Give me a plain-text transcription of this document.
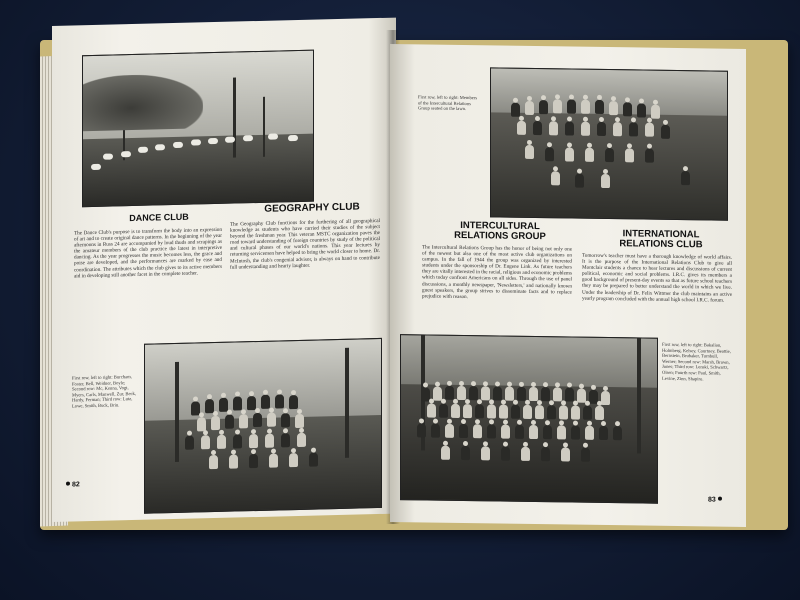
DANCE CLUB
GEOGRAPHY CLUB
The Dance Club's purpose is to transform the body into an expression of art and to create original dance patterns. In the beginning of the year afternoons in Russ 24 are accompanied by loud thuds and scrapings as the amateur members of the club practice the latest in interpretive dancing. As the year progresses the music becomes less, the grace and poise are developed, and the performances are marked by ease and coordination. The attributes which the club gives to its active members aid in developing still another facet in the complete teacher.
The Geography Club functions for the furthering of all geographical knowledge as students who have carried their studies of the subject beyond the freshman year. This veteran MSTC organization paves the road toward understanding of foreign countries by study of the political and cultural phases of our world's nations. This year lectures by returning servicemen have helped to bring the world closer to home. Dr. McIntosh, the club's congenial advisor, is always on hand to contribute full understanding and hearty laughter.
First row, left to right: Burcham, Foster, Bell, Weidner, Boyle; Second row: Mc, Kenna, Vogt, Myers, Carls, Manwell, Zur, Beck, Hardy, Ferman; Third row: Lutz, Lowe, Smith, Buck, Brin.
82
First row, left to right: Members of the Intercultural Relations Group seated on the lawn.
INTERCULTURAL
RELATIONS GROUP	INTERNATIONAL
RELATIONS CLUB
The Intercultural Relations Group has the honor of being not only one of the newest but also one of the most active club organizations on campus. In the fall of 1944 the group was organized by interested students under the sponsorship of Dr. Eugene Link. As future teachers they are vitally interested in the racial, religious and economic problems which today confront Americans on all sides. Through the use of panel discussions, a monthly newspaper, 'Newsletters,' and nationally known guest speakers, the group strives to disseminate facts and to replace prejudice with reason.
Tomorrow's teacher must have a thorough knowledge of world affairs. It is the purpose of the International Relations Club to give all Montclair students a chance to hear lectures and discussions of current political, economic and social problems. I.R.C. gives its members a good background of present-day events so that as future school teachers they may be prepared to better understand the world in which we live. Under the leadership of Dr. Felix Wittmer the club maintains an active yearly program concluded with the annual high school I.R.C. forum.
First row, left to right: Bakalian, Holmberg, Kelsey, Courtney, Beattie, Bernstein, Brubaker, Turnbull, Werner; Second row: Marsh, Brown, Jones; Third row: Lenski, Schwartz, Olsen; Fourth row: Paul, Smith, Levine, Zinn, Shapiro.
83
